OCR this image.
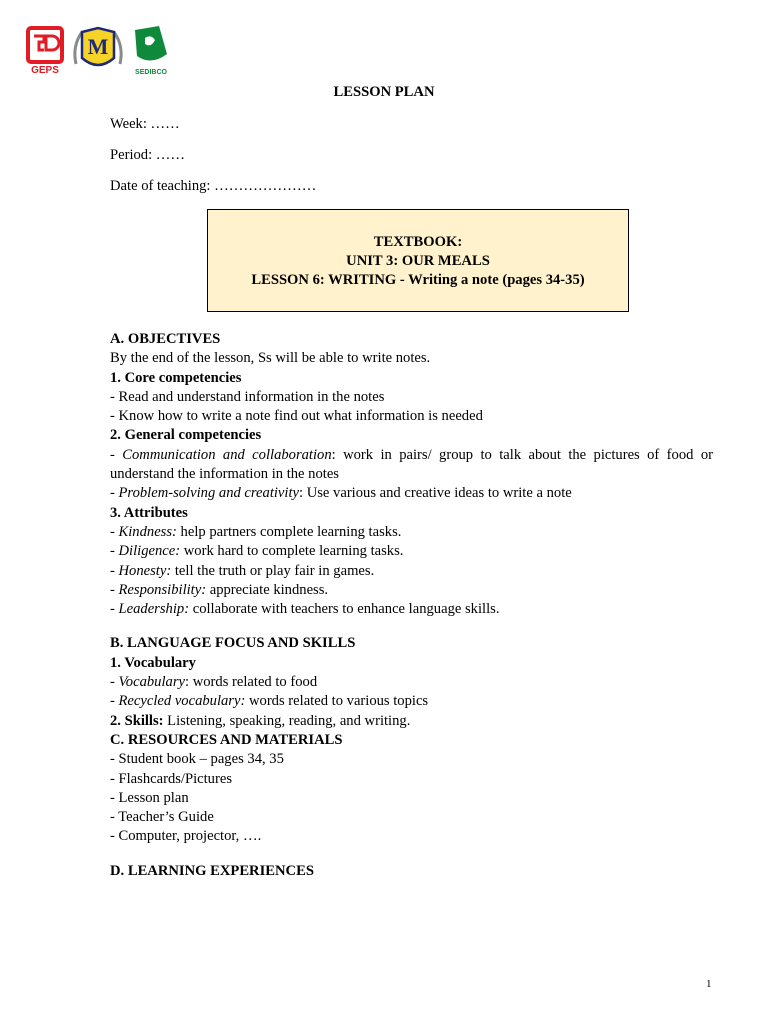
GEPS
M
SEDIBCO
LESSON PLAN
Week: ……
Period: ……
Date of teaching: …………………
TEXTBOOK:
UNIT 3: OUR MEALS
LESSON 6: WRITING - Writing a note (pages 34-35)

A. OBJECTIVES

By the end of the lesson, Ss will be able to write notes.

1. Core competencies

- Read and understand information in the notes

- Know how to write a note find out what information is needed

2. General competencies

- Communication and collaboration: work in pairs/ group to talk about the pictures of food or understand the information in the notes

- Problem-solving and creativity: Use various and creative ideas to write a note

3. Attributes

- Kindness: help partners complete learning tasks.

- Diligence: work hard to complete learning tasks.

- Honesty: tell the truth or play fair in games.

- Responsibility: appreciate kindness.

- Leadership: collaborate with teachers to enhance language skills.

B. LANGUAGE FOCUS AND SKILLS

1. Vocabulary

- Vocabulary: words related to food

- Recycled vocabulary: words related to various topics

2. Skills: Listening, speaking, reading, and writing.

C. RESOURCES AND MATERIALS

- Student book – pages 34, 35

- Flashcards/Pictures

- Lesson plan

- Teacher’s Guide

- Computer, projector, ….

D. LEARNING EXPERIENCES

1
